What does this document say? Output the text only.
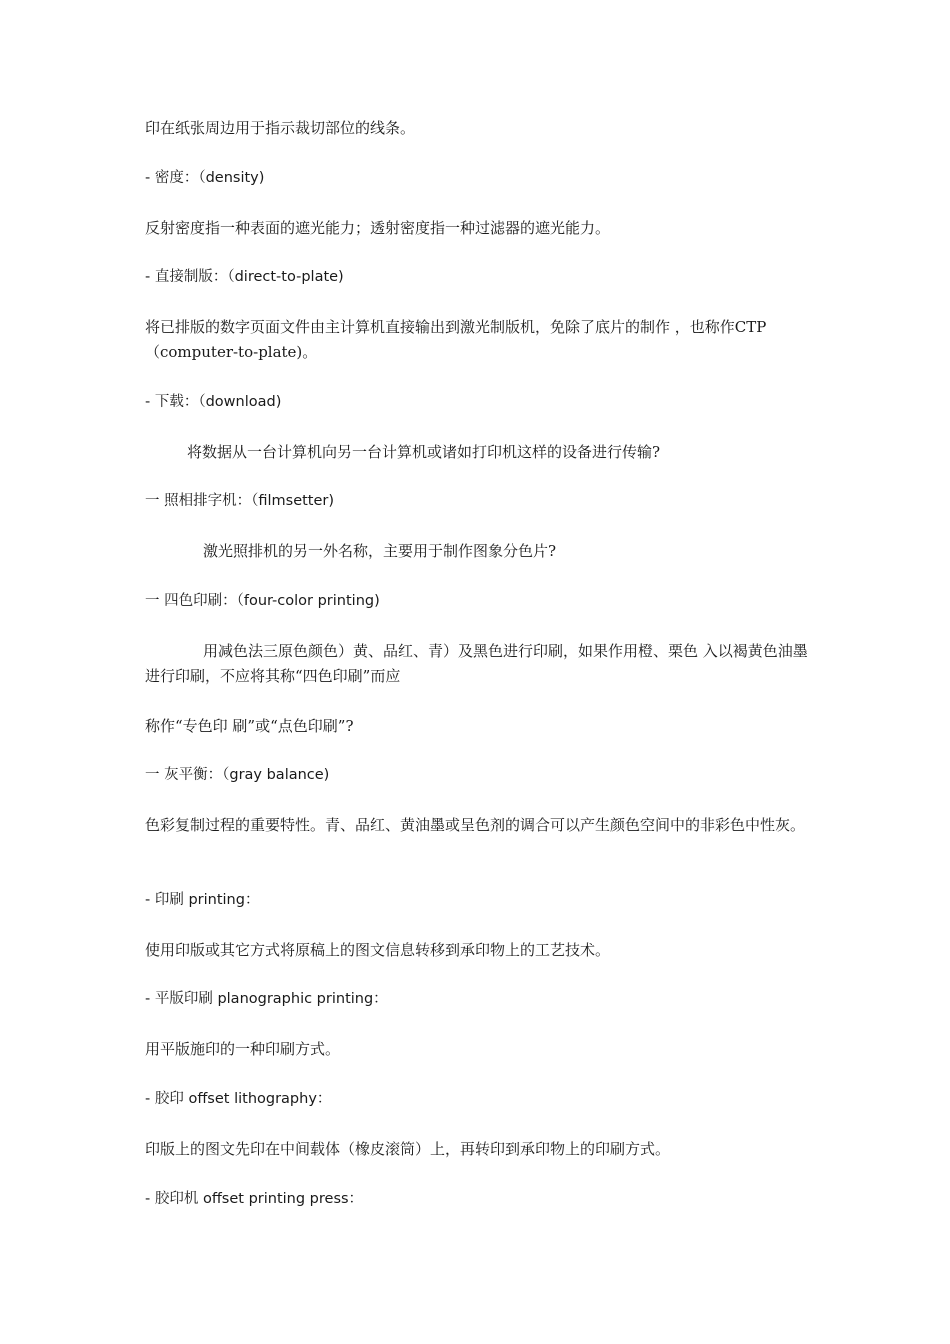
印在纸张周边用于指示裁切部位的线条。
- 密度：（density)
反射密度指一种表面的遮光能力；透射密度指一种过滤器的遮光能力。
- 直接制版：（direct-to-plate)
将已排版的数字页面文件由主计算机直接输出到激光制版机，免除了底片的制作 ，也称作CTP （computer-to-plate)。
- 下载：（download)
将数据从一台计算机向另一台计算机或诸如打印机这样的设备进行传输?
一 照相排字机：（filmsetter)
激光照排机的另一外名称，主要用于制作图象分色片?
一 四色印刷：（four-color printing)
用减色法三原色颜色）黄、品红、青）及黑色进行印刷，如果作用橙、栗色 入以褐黄色油墨进行印刷，不应将其称“四色印刷”而应
称作“专色印 刷”或“点色印刷”?
一 灰平衡：（gray balance)
色彩复制过程的重要特性。青、品红、黄油墨或呈色剂的调合可以产生颜色空间中的非彩色中性灰。
- 印刷 printing：
使用印版或其它方式将原稿上的图文信息转移到承印物上的工艺技术。
- 平版印刷 planographic printing：
用平版施印的一种印刷方式。
- 胶印 offset lithography：
印版上的图文先印在中间载体（橡皮滚筒）上，再转印到承印物上的印刷方式。
- 胶印机 offset printing press：
